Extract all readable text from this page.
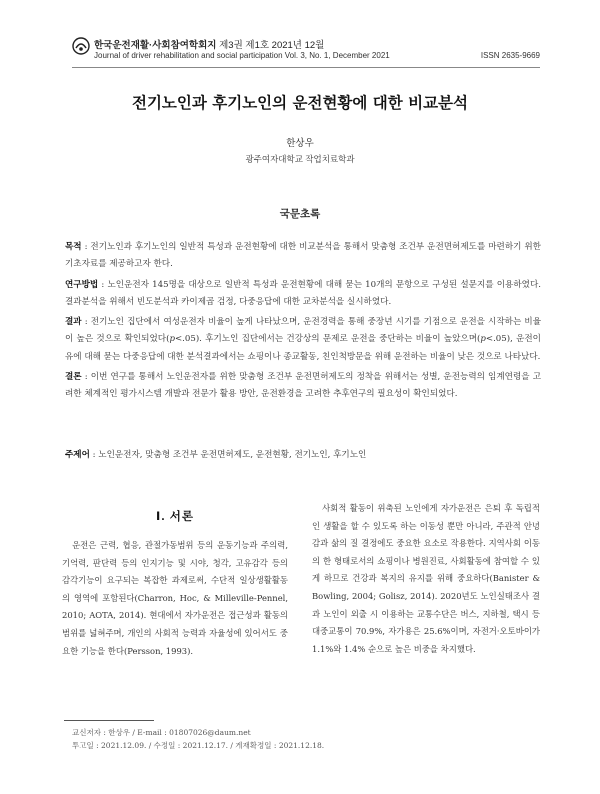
한국운전재활·사회참여학회지 제3권 제1호 2021년 12월
Journal of driver rehabilitation and social participation Vol. 3, No. 1, December 2021	ISSN 2635-9669
전기노인과 후기노인의 운전현황에 대한 비교분석
한상우
광주여자대학교 작업치료학과
국문초록

목적 : 전기노인과 후기노인의 일반적 특성과 운전현황에 대한 비교분석을 통해서 맞춤형 조건부 운전면허제도를 마련하기 위한 기초자료를 제공하고자 한다.

연구방법 : 노인운전자 145명을 대상으로 일반적 특성과 운전현황에 대해 묻는 10개의 문항으로 구성된 설문지를 이용하였다. 결과분석을 위해서 빈도분석과 카이제곱 검정, 다중응답에 대한 교차분석을 실시하였다.

결과 : 전기노인 집단에서 여성운전자 비율이 높게 나타났으며, 운전경력을 통해 중장년 시기를 기점으로 운전을 시작하는 비율이 높은 것으로 확인되었다(p<.05). 후기노인 집단에서는 건강상의 문제로 운전을 중단하는 비율이 높았으며(p<.05), 운전이유에 대해 묻는 다중응답에 대한 분석결과에서는 쇼핑이나 종교활동, 친인척방문을 위해 운전하는 비율이 낮은 것으로 나타났다.

결론 : 이번 연구를 통해서 노인운전자를 위한 맞춤형 조건부 운전면허제도의 정착을 위해서는 성별, 운전능력의 임계연령을 고려한 체계적인 평가시스템 개발과 전문가 활용 방안, 운전환경을 고려한 추후연구의 필요성이 확인되었다.

주제어 : 노인운전자, 맞춤형 조건부 운전면허제도, 운전현황, 전기노인, 후기노인
Ⅰ. 서론

운전은 근력, 협응, 관절가동범위 등의 운동기능과 주의력, 기억력, 판단력 등의 인지기능 및 시야, 청각, 고유감각 등의 감각기능이 요구되는 복잡한 과제로써, 수단적 일상생활활동의 영역에 포함된다(Charron, Hoc, & Milleville-Pennel, 2010; AOTA, 2014). 현대에서 자가운전은 접근성과 활동의 범위를 넓혀주며, 개인의 사회적 능력과 자율성에 있어서도 중요한 기능을 한다(Persson, 1993).

사회적 활동이 위축된 노인에게 자가운전은 은퇴 후 독립적인 생활을 할 수 있도록 하는 이동성 뿐만 아니라, 주관적 안녕감과 삶의 질 결정에도 중요한 요소로 작용한다. 지역사회 이동의 한 형태로서의 쇼핑이나 병원진료, 사회활동에 참여할 수 있게 하므로 건강과 복지의 유지를 위해 중요하다(Banister & Bowling, 2004; Golisz, 2014). 2020년도 노인실태조사 결과 노인이 외출 시 이용하는 교통수단은 버스, 지하철, 택시 등 대중교통이 70.9%, 자가용은 25.6%이며, 자전거·오토바이가 1.1%와 1.4% 순으로 높은 비중을 차지했다.

교신저자 : 한상우 / E-mail : 01807026@daum.net
투고일 : 2021.12.09. / 수정일 : 2021.12.17. / 게재확정일 : 2021.12.18.
